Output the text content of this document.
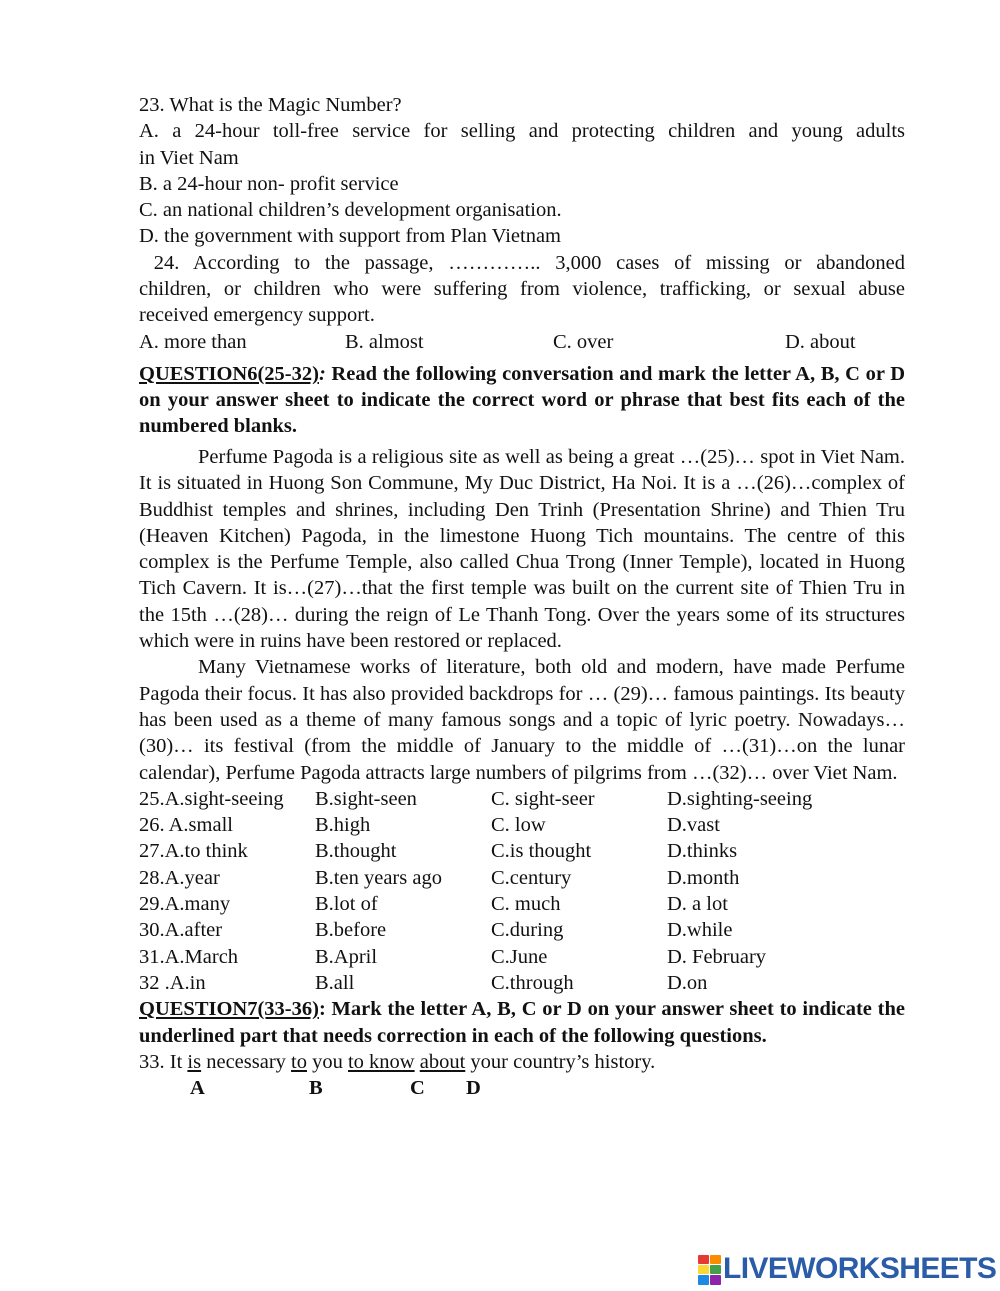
23. What is the Magic Number?
A. a 24-hour toll-free service for selling and protecting children and young adults
in Viet Nam
B. a 24-hour non- profit service
C. an national children’s development organisation.
D. the government with support from Plan Vietnam
24. According to the passage, ………….. 3,000 cases of missing or abandoned
children, or children who were suffering from violence, trafficking, or sexual abuse
received emergency support.
A. more than	B. almost	C. over	D. about
QUESTION6(25-32): Read the following conversation and mark the letter A, B, C or D on your answer sheet to indicate the correct word or phrase that best fits each of the numbered blanks.
Perfume Pagoda is a religious site as well as being a great …(25)… spot in Viet Nam. It is situated in Huong Son Commune, My Duc District, Ha Noi. It is a …(26)…complex of Buddhist temples and shrines, including Den Trinh (Presentation Shrine) and Thien Tru (Heaven Kitchen) Pagoda, in the limestone Huong Tich mountains. The centre of this complex is the Perfume Temple, also called Chua Trong (Inner Temple), located in Huong Tich Cavern. It is…(27)…that the first temple was built on the current site of Thien Tru in the 15th …(28)… during the reign of Le Thanh Tong. Over the years some of its structures which were in ruins have been restored or replaced.
Many Vietnamese works of literature, both old and modern, have made Perfume Pagoda their focus. It has also provided backdrops for … (29)… famous paintings. Its beauty has been used as a theme of many famous songs and a topic of lyric poetry. Nowadays… (30)… its festival (from the middle of January to the middle of …(31)…on the lunar calendar), Perfume Pagoda attracts large numbers of pilgrims from …(32)… over Viet Nam.
25.A.sight-seeing	B.sight-seen	C. sight-seer	D.sighting-seeing
26. A.small	B.high	C. low	D.vast
27.A.to think	B.thought	C.is thought	D.thinks
28.A.year	B.ten years ago	C.century	D.month
29.A.many	B.lot of	C. much	D. a lot
30.A.after	B.before	C.during	D.while
31.A.March	B.April	C.June	D. February
32 .A.in	B.all	C.through	D.on
QUESTION7(33-36): Mark the letter A, B, C or D on your answer sheet to indicate the underlined part that needs correction in each of the following questions.
33. It is necessary to you to know about your country’s history.
A	B	C D
LIVEWORKSHEETS
